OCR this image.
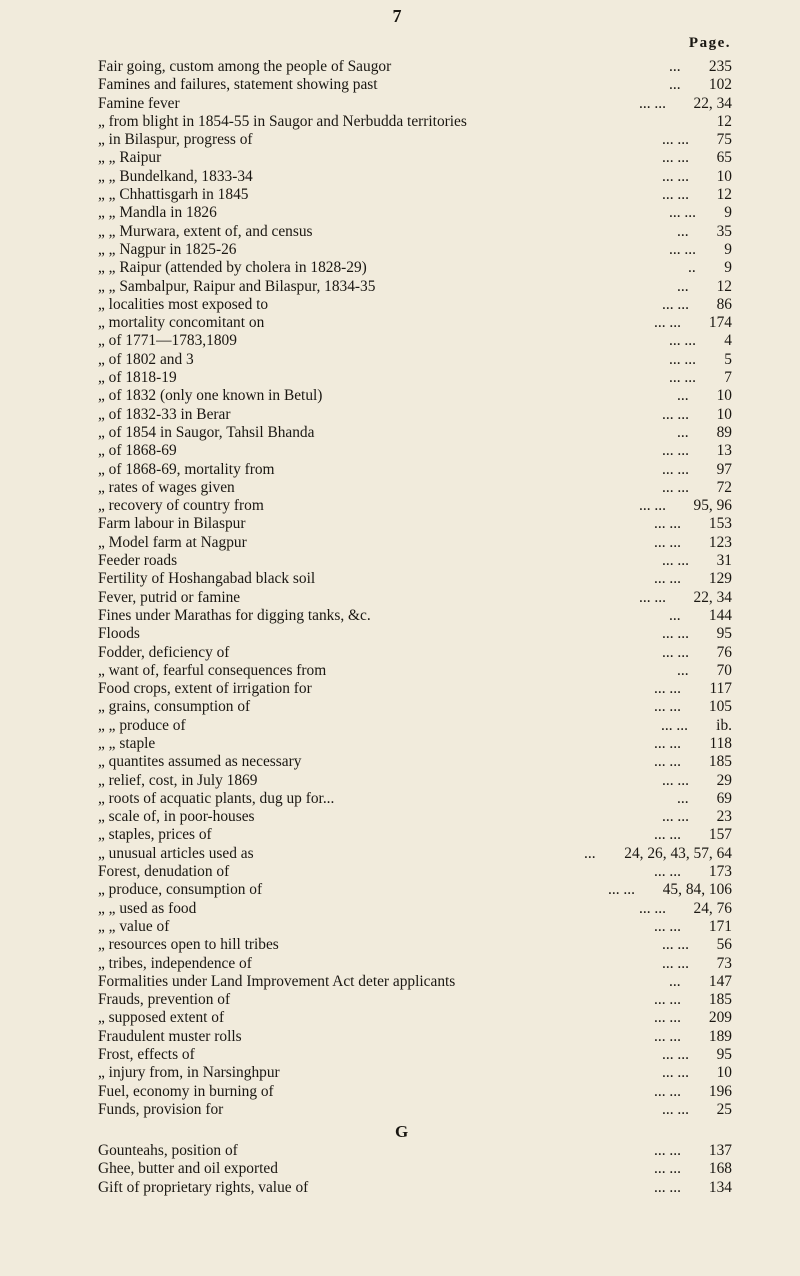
7
Page.
Fair going, custom among the people of Saugor	... 235
Famines and failures, statement showing past	... 102
Famine fever	... ... 22, 34
„ from blight in 1854-55 in Saugor and Nerbudda territories	12
„ in Bilaspur, progress of	... ... 75
„ „ Raipur	... ... 65
„ „ Bundelkand, 1833-34	... ... 10
„ „ Chhattisgarh in 1845	... ... 12
„ „ Mandla in 1826	... ... 9
„ „ Murwara, extent of, and census	... 35
„ „ Nagpur in 1825-26	... ... 9
„ „ Raipur (attended by cholera in 1828-29)	.. 9
„ „ Sambalpur, Raipur and Bilaspur, 1834-35	... 12
„ localities most exposed to	... ... 86
„ mortality concomitant on	... ... 174
„ of 1771—1783,1809	... ... 4
„ of 1802 and 3	... ... 5
„ of 1818-19	... ... 7
„ of 1832 (only one known in Betul)	... 10
„ of 1832-33 in Berar	... ... 10
„ of 1854 in Saugor, Tahsil Bhanda	... 89
„ of 1868-69	... ... 13
„ of 1868-69, mortality from	... ... 97
„ rates of wages given	... ... 72
„ recovery of country from	... ... 95, 96
Farm labour in Bilaspur	... ... 153
„ Model farm at Nagpur	... ... 123
Feeder roads	... ... 31
Fertility of Hoshangabad black soil	... ... 129
Fever, putrid or famine	... ... 22, 34
Fines under Marathas for digging tanks, &c.	... 144
Floods	... ... 95
Fodder, deficiency of	... ... 76
„ want of, fearful consequences from	... 70
Food crops, extent of irrigation for	... ... 117
„ grains, consumption of	... ... 105
„ „ produce of	... ... ib.
„ „ staple	... ... 118
„ quantites assumed as necessary	... ... 185
„ relief, cost, in July 1869	... ... 29
„ roots of acquatic plants, dug up for...	... 69
„ scale of, in poor-houses	... ... 23
„ staples, prices of	... ... 157
„ unusual articles used as	... 24, 26, 43, 57, 64
Forest, denudation of	... ... 173
„ produce, consumption of	... ... 45, 84, 106
„ „ used as food	... ... 24, 76
„ „ value of	... ... 171
„ resources open to hill tribes	... ... 56
„ tribes, independence of	... ... 73
Formalities under Land Improvement Act deter applicants	... 147
Frauds, prevention of	... ... 185
„ supposed extent of	... ... 209
Fraudulent muster rolls	... ... 189
Frost, effects of	... ... 95
„ injury from, in Narsinghpur	... ... 10
Fuel, economy in burning of	... ... 196
Funds, provision for	... ... 25
G
Gounteahs, position of	... ... 137
Ghee, butter and oil exported	... ... 168
Gift of proprietary rights, value of	... ... 134
